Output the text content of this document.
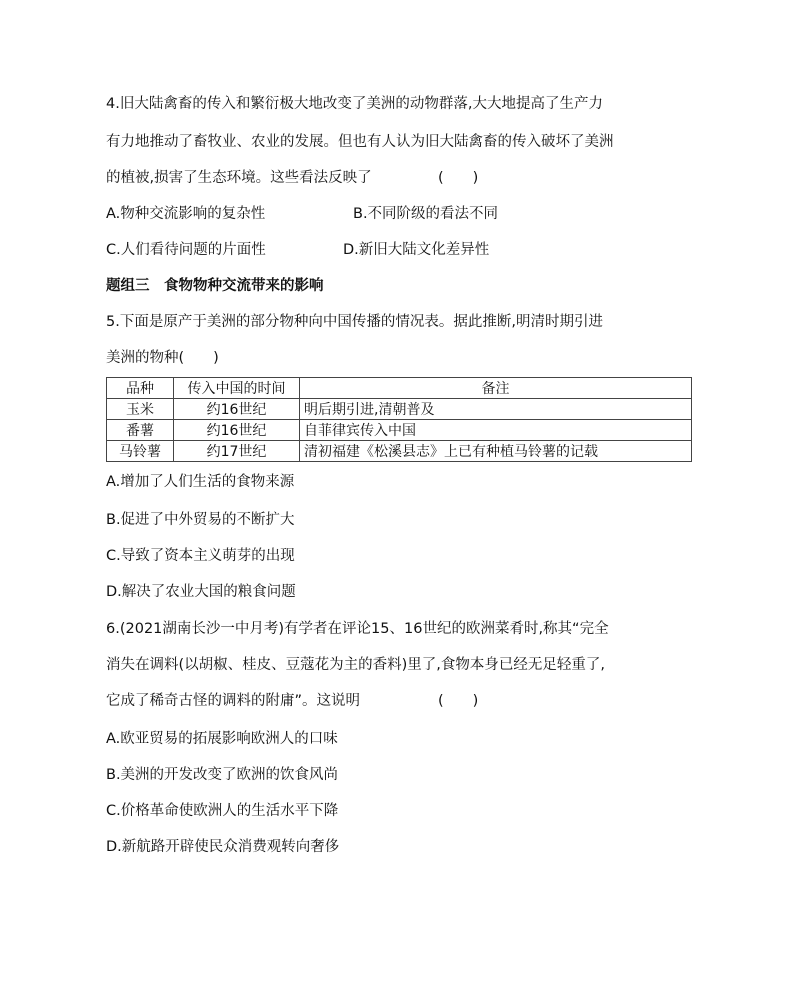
4.旧大陆禽畜的传入和繁衍极大地改变了美洲的动物群落,大大地提高了生产力
有力地推动了畜牧业、农业的发展。但也有人认为旧大陆禽畜的传入破坏了美洲
的植被,损害了生态环境。这些看法反映了	(　　)
A.物种交流影响的复杂性	B.不同阶级的看法不同
C.人们看待问题的片面性	D.新旧大陆文化差异性
题组三　食物物种交流带来的影响
5.下面是原产于美洲的部分物种向中国传播的情况表。据此推断,明清时期引进
美洲的物种(　　)
品种	传入中国的时间	备注
玉米	约16世纪	明后期引进,清朝普及
番薯	约16世纪	自菲律宾传入中国
马铃薯	约17世纪	清初福建《松溪县志》上已有种植马铃薯的记载
A.增加了人们生活的食物来源
B.促进了中外贸易的不断扩大
C.导致了资本主义萌芽的出现
D.解决了农业大国的粮食问题
6.(2021湖南长沙一中月考)有学者在评论15、16世纪的欧洲菜肴时,称其“完全
消失在调料(以胡椒、桂皮、豆蔻花为主的香料)里了,食物本身已经无足轻重了,
它成了稀奇古怪的调料的附庸”。这说明	(　　)
A.欧亚贸易的拓展影响欧洲人的口味
B.美洲的开发改变了欧洲的饮食风尚
C.价格革命使欧洲人的生活水平下降
D.新航路开辟使民众消费观转向奢侈
